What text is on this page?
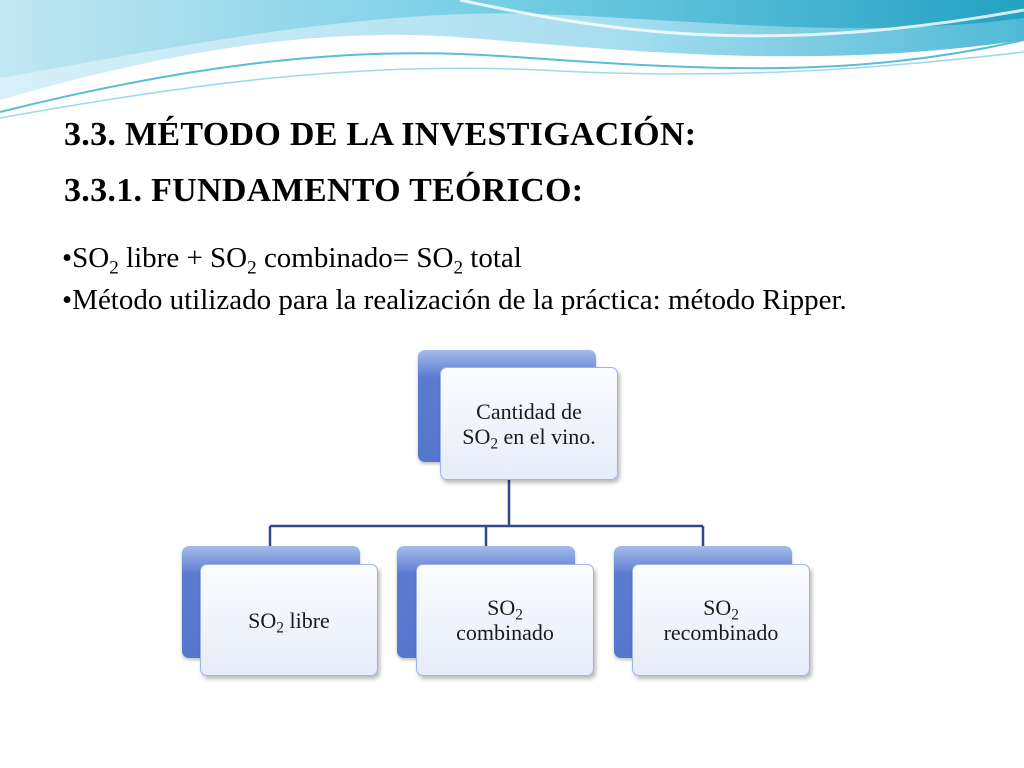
3.3. MÉTODO DE LA INVESTIGACIÓN:
3.3.1. FUNDAMENTO TEÓRICO:
$•SO_2$ libre + $SO_2$ combinado= $SO_2$ total
•Método utilizado para la realización de la práctica: método Ripper.
Cantidad de
$SO_2$ en el vino.
$SO_2$ libre	$SO_2$
combinado
$SO_2$
recombinado
